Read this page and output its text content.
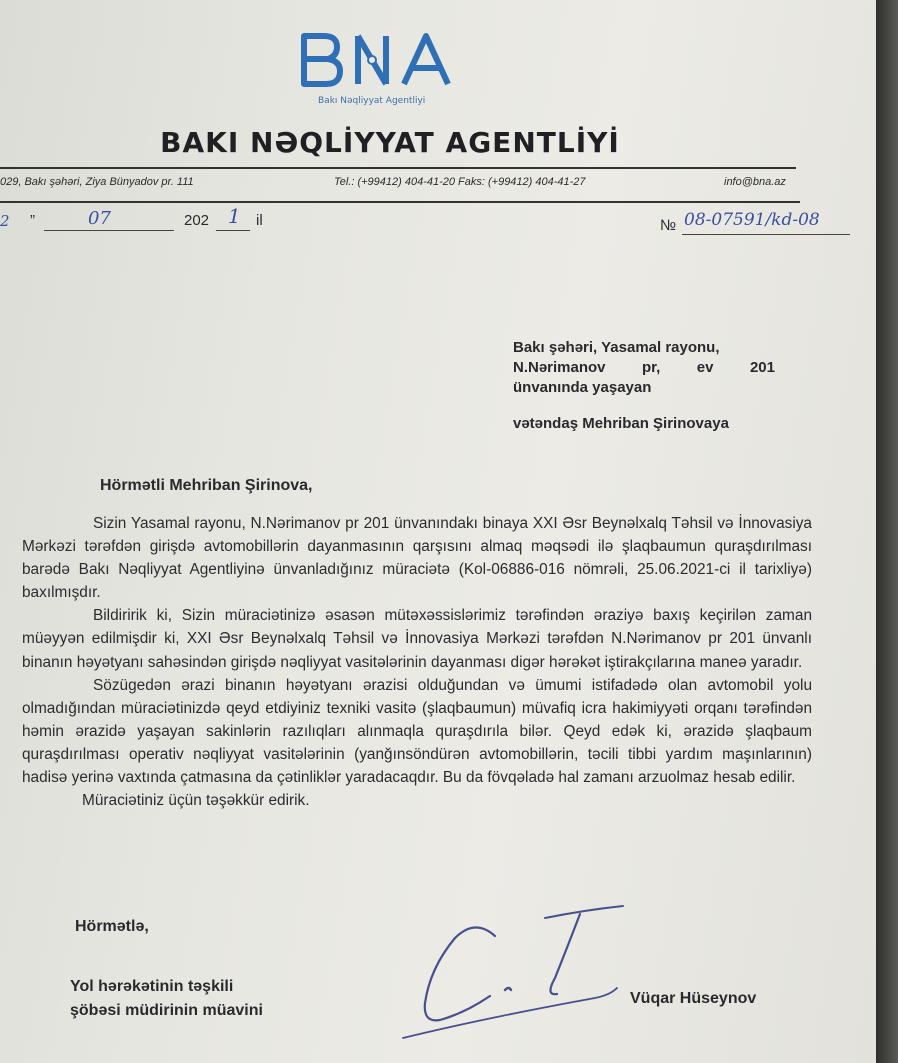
Bakı Nəqliyyat Agentliyi
BAKI NƏQLİYYAT AGENTLİYİ
029, Bakı şəhəri, Ziya Bünyadov pr. 111	Tel.: (+99412) 404-41-20 Faks: (+99412) 404-41-27	info@bna.az
2 ”	07	202 1 il	№ 08-07591/kd-08
Bakı şəhəri, Yasamal rayonu,
N.Nərimanov pr, ev 201
ünvanında yaşayan
vətəndaş Mehriban Şirinovaya
Hörmətli Mehriban Şirinova,

Sizin Yasamal rayonu, N.Nərimanov pr 201 ünvanındakı binaya XXI Əsr Beynəlxalq Təhsil və İnnovasiya Mərkəzi tərəfdən girişdə avtomobillərin dayanmasının qarşısını almaq məqsədi ilə şlaqbaumun quraşdırılması barədə Bakı Nəqliyyat Agentliyinə ünvanladığınız müraciətə (Kol-06886-016 nömrəli, 25.06.2021-ci il tarixliyə) baxılmışdır.

Bildiririk ki, Sizin müraciətinizə əsasən mütəxəssislərimiz tərəfindən əraziyə baxış keçirilən zaman müəyyən edilmişdir ki, XXI Əsr Beynəlxalq Təhsil və İnnovasiya Mərkəzi tərəfdən N.Nərimanov pr 201 ünvanlı binanın həyətyanı sahəsindən girişdə nəqliyyat vasitələrinin dayanması digər hərəkət iştirakçılarına maneə yaradır.

Sözügedən ərazi binanın həyətyanı ərazisi olduğundan və ümumi istifadədə olan avtomobil yolu olmadığından müraciətinizdə qeyd etdiyiniz texniki vasitə (şlaqbaumun) müvafiq icra hakimiyyəti orqanı tərəfindən həmin ərazidə yaşayan sakinlərin razılıqları alınmaqla quraşdırıla bilər. Qeyd edək ki, ərazidə şlaqbaum quraşdırılması operativ nəqliyyat vasitələrinin (yanğınsöndürən avtomobillərin, təcili tibbi yardım maşınlarının) hadisə yerinə vaxtında çatmasına da çətinliklər yaradacaqdır. Bu da fövqəladə hal zamanı arzuolmaz hesab edilir.

Müraciətiniz üçün təşəkkür edirik.

Hörmətlə,
Yol hərəkətinin təşkili
şöbəsi müdirinin müavini
Vüqar Hüseynov
